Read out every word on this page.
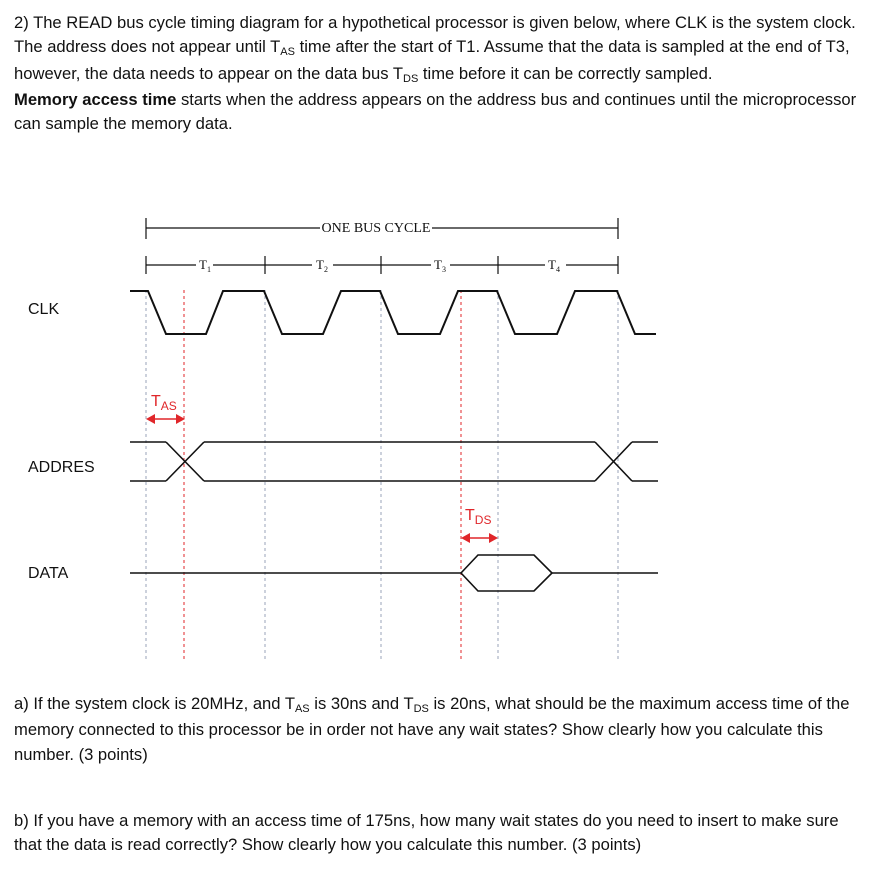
2) The READ bus cycle timing diagram for a hypothetical processor is given below, where CLK is the system clock. The address does not appear until TAS time after the start of T1. Assume that the data is sampled at the end of T3, however, the data needs to appear on the data bus TDS time before it can be correctly sampled.
Memory access time starts when the address appears on the address bus and continues until the microprocessor can sample the memory data.
ONE BUS CYCLE
$T_1$	$T_2$	$T_3$	$T_4$
CLK
ADDRES
DATA
$T_{AS}$
$T_{DS}$
a) If the system clock is 20MHz, and TAS is 30ns and TDS is 20ns, what should be the maximum access time of the memory connected to this processor be in order not have any wait states? Show clearly how you calculate this number. (3 points)
b) If you have a memory with an access time of 175ns, how many wait states do you need to insert to make sure that the data is read correctly? Show clearly how you calculate this number. (3 points)
